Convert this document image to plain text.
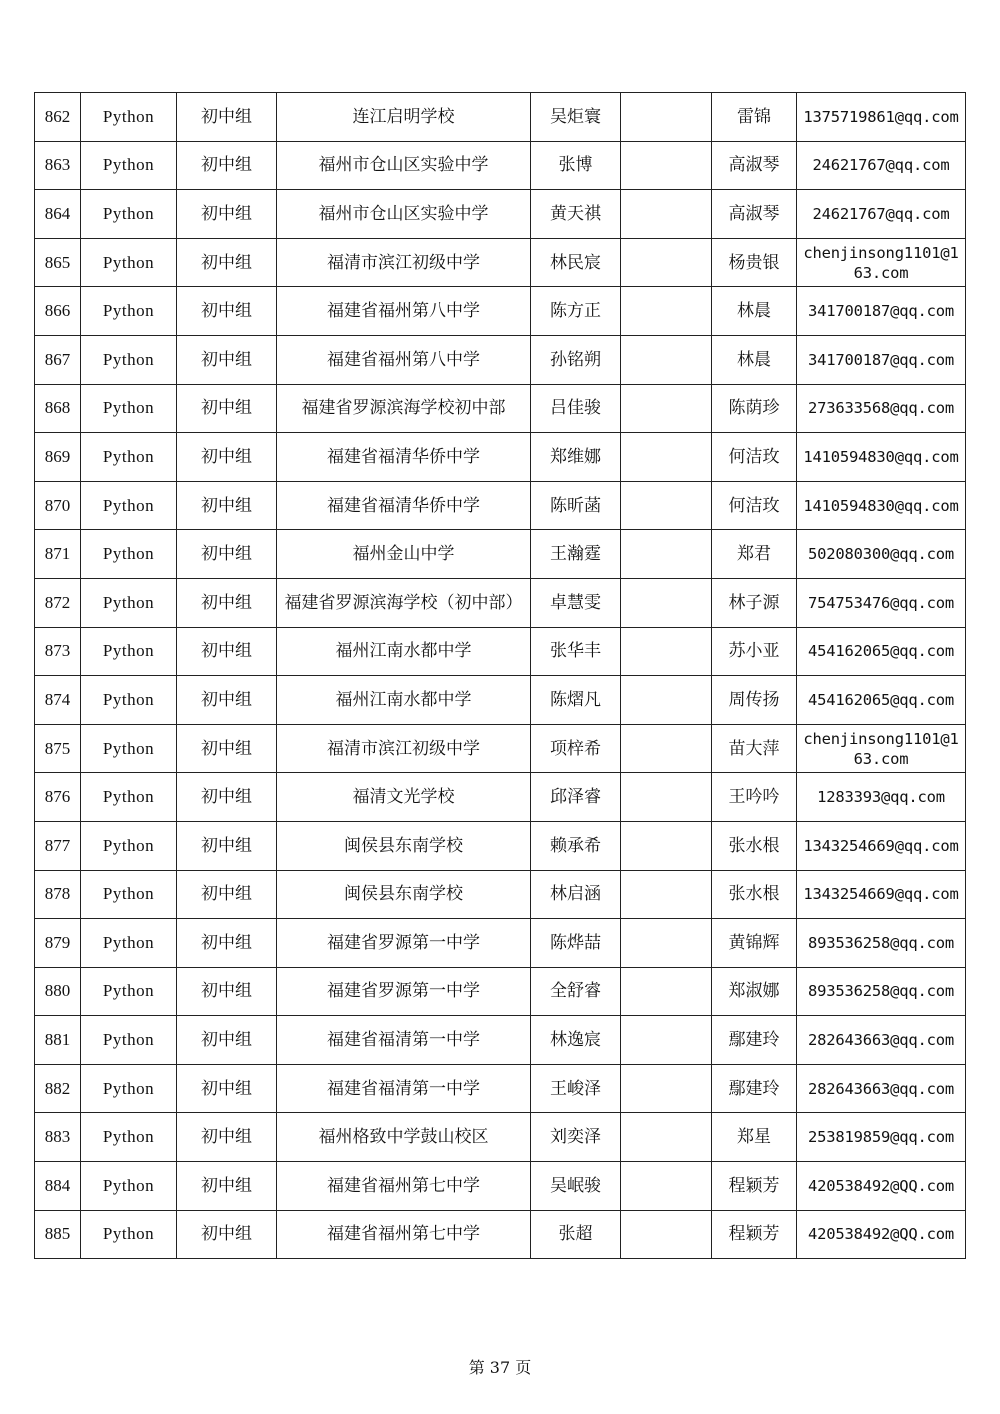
862	Python	初中组	连江启明学校	吴炬寰		雷锦	1375719861@qq.com
863	Python	初中组	福州市仓山区实验中学	张博		高淑琴	24621767@qq.com
864	Python	初中组	福州市仓山区实验中学	黄天祺		高淑琴	24621767@qq.com
865	Python	初中组	福清市滨江初级中学	林民宸		杨贵银	chenjinsong1101@163.com
866	Python	初中组	福建省福州第八中学	陈方正		林晨	341700187@qq.com
867	Python	初中组	福建省福州第八中学	孙铭朔		林晨	341700187@qq.com
868	Python	初中组	福建省罗源滨海学校初中部	吕佳骏		陈荫珍	273633568@qq.com
869	Python	初中组	福建省福清华侨中学	郑维娜		何洁玫	1410594830@qq.com
870	Python	初中组	福建省福清华侨中学	陈昕菡		何洁玫	1410594830@qq.com
871	Python	初中组	福州金山中学	王瀚霆		郑君	502080300@qq.com
872	Python	初中组	福建省罗源滨海学校（初中部）	卓慧雯		林子源	754753476@qq.com
873	Python	初中组	福州江南水都中学	张华丰		苏小亚	454162065@qq.com
874	Python	初中组	福州江南水都中学	陈熠凡		周传扬	454162065@qq.com
875	Python	初中组	福清市滨江初级中学	项梓希		苗大萍	chenjinsong1101@163.com
876	Python	初中组	福清文光学校	邱泽睿		王吟吟	1283393@qq.com
877	Python	初中组	闽侯县东南学校	赖承希		张水根	1343254669@qq.com
878	Python	初中组	闽侯县东南学校	林启涵		张水根	1343254669@qq.com
879	Python	初中组	福建省罗源第一中学	陈烨喆		黄锦辉	893536258@qq.com
880	Python	初中组	福建省罗源第一中学	全舒睿		郑淑娜	893536258@qq.com
881	Python	初中组	福建省福清第一中学	林逸宸		鄢建玲	282643663@qq.com
882	Python	初中组	福建省福清第一中学	王峻泽		鄢建玲	282643663@qq.com
883	Python	初中组	福州格致中学鼓山校区	刘奕泽		郑星	253819859@qq.com
884	Python	初中组	福建省福州第七中学	吴岷骏		程颖芳	420538492@QQ.com
885	Python	初中组	福建省福州第七中学	张超		程颖芳	420538492@QQ.com
第 37 页
